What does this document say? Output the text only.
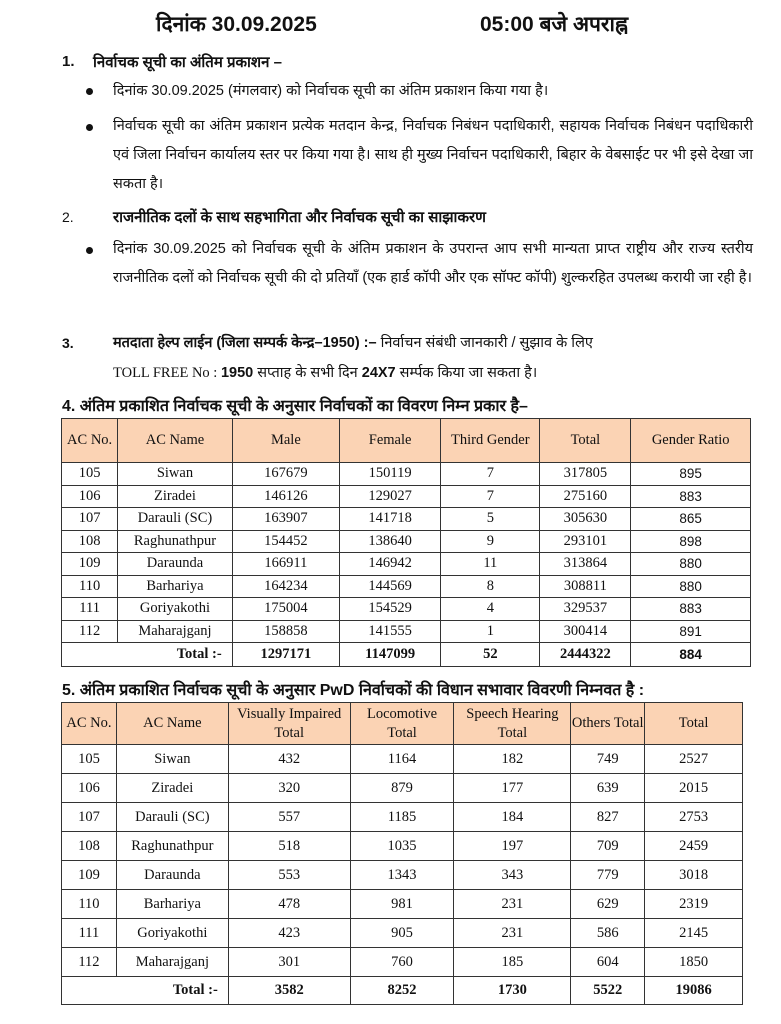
दिनांक 30.09.2025	05:00 बजे अपराह्न
1. निर्वाचक सूची का अंतिम प्रकाशन –
दिनांक 30.09.2025 (मंगलवार) को निर्वाचक सूची का अंतिम प्रकाशन किया गया है।
निर्वाचक सूची का अंतिम प्रकाशन प्रत्येक मतदान केन्द्र, निर्वाचक निबंधन पदाधिकारी, सहायक निर्वाचक निबंधन पदाधिकारी एवं जिला निर्वाचन कार्यालय स्तर पर किया गया है। साथ ही मुख्य निर्वाचन पदाधिकारी, बिहार के वेबसाईट पर भी इसे देखा जा सकता है।
2.	राजनीतिक दलों के साथ सहभागिता और निर्वाचक सूची का साझाकरण
दिनांक 30.09.2025 को निर्वाचक सूची के अंतिम प्रकाशन के उपरान्त आप सभी मान्यता प्राप्त राष्ट्रीय और राज्य स्तरीय राजनीतिक दलों को निर्वाचक सूची की दो प्रतियाँ (एक हार्ड कॉपी और एक सॉफ्ट कॉपी) शुल्करहित उपलब्ध करायी जा रही है।
3.	मतदाता हेल्प लाईन (जिला सम्पर्क केन्द्र–1950) :– निर्वाचन संबंधी जानकारी / सुझाव के लिए
TOLL FREE No : 1950 सप्ताह के सभी दिन 24X7 सर्म्पक किया जा सकता है।
4. अंतिम प्रकाशित निर्वाचक सूची के अनुसार निर्वाचकों का विवरण निम्न प्रकार है–
AC No.	AC Name	Male	Female	Third Gender	Total	Gender Ratio
105	Siwan	167679	150119	7	317805	895
106	Ziradei	146126	129027	7	275160	883
107	Darauli (SC)	163907	141718	5	305630	865
108	Raghunathpur	154452	138640	9	293101	898
109	Daraunda	166911	146942	11	313864	880
110	Barhariya	164234	144569	8	308811	880
111	Goriyakothi	175004	154529	4	329537	883
112	Maharajganj	158858	141555	1	300414	891
Total :-		1297171	1147099	52	2444322	884
5. अंतिम प्रकाशित निर्वाचक सूची के अनुसार PwD निर्वाचकों की विधान सभावार विवरणी निम्नवत है :
AC No.	AC Name	Visually Impaired Total	Locomotive Total	Speech Hearing Total	Others Total	Total
105	Siwan	432	1164	182	749	2527
106	Ziradei	320	879	177	639	2015
107	Darauli (SC)	557	1185	184	827	2753
108	Raghunathpur	518	1035	197	709	2459
109	Daraunda	553	1343	343	779	3018
110	Barhariya	478	981	231	629	2319
111	Goriyakothi	423	905	231	586	2145
112	Maharajganj	301	760	185	604	1850
Total :-		3582	8252	1730	5522	19086
